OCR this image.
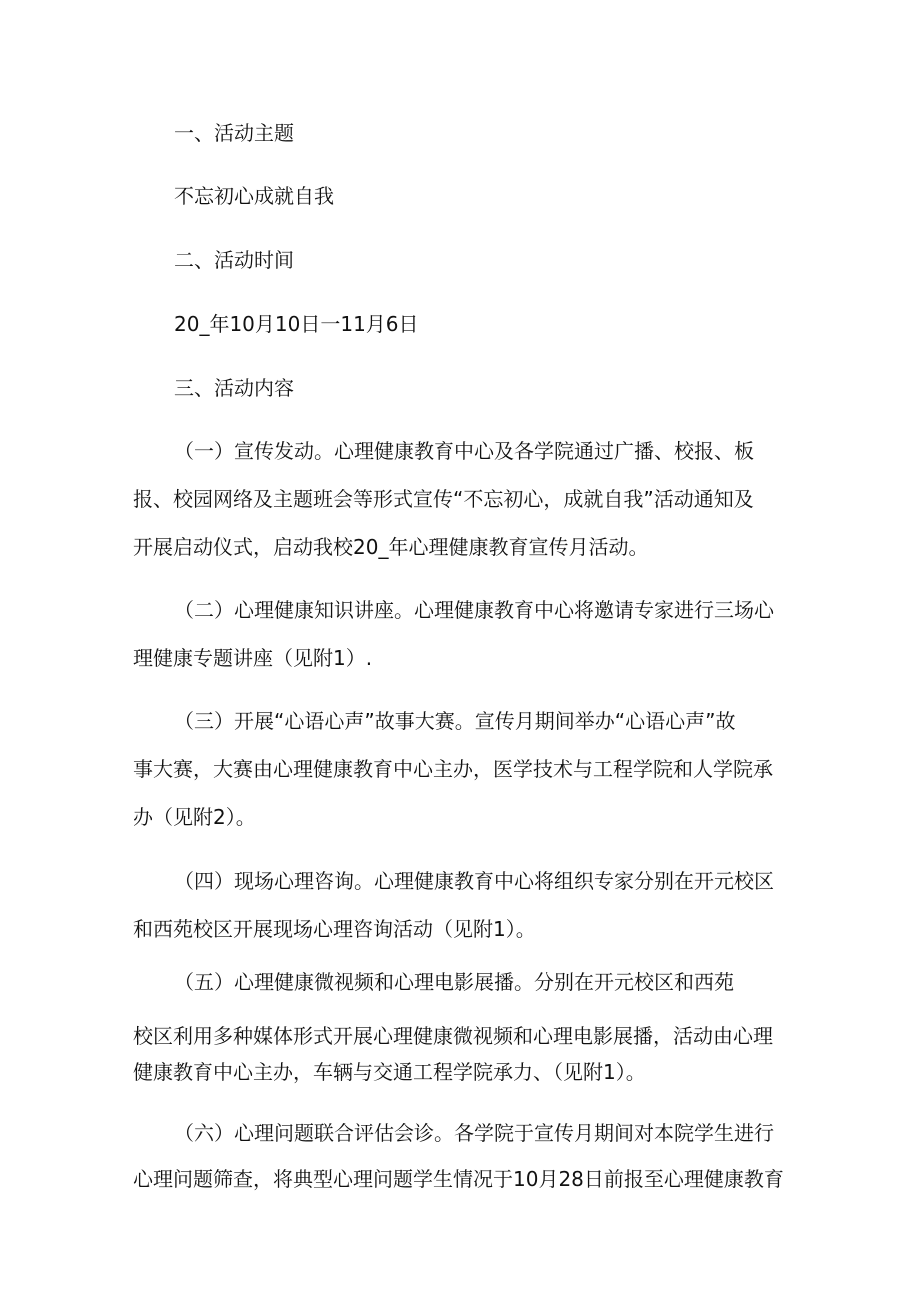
一、活动主题
不忘初心成就自我
二、活动时间
20_年10月10日一11月6日
三、活动内容
（一）宣传发动。心理健康教育中心及各学院通过广播、校报、板
报、校园网络及主题班会等形式宣传“不忘初心，成就自我”活动通知及
开展启动仪式，启动我校20_年心理健康教育宣传月活动。
（二）心理健康知识讲座。心理健康教育中心将邀请专家进行三场心
理健康专题讲座（见附1）.
（三）开展“心语心声”故事大赛。宣传月期间举办“心语心声”故
事大赛，大赛由心理健康教育中心主办，医学技术与工程学院和人学院承
办（见附2）。
（四）现场心理咨询。心理健康教育中心将组织专家分别在开元校区
和西苑校区开展现场心理咨询活动（见附1）。
（五）心理健康微视频和心理电影展播。分别在开元校区和西苑
校区利用多种媒体形式开展心理健康微视频和心理电影展播，活动由心理
健康教育中心主办，车辆与交通工程学院承力、（见附1）。
（六）心理问题联合评估会诊。各学院于宣传月期间对本院学生进行
心理问题筛查，将典型心理问题学生情况于10月28日前报至心理健康教育
